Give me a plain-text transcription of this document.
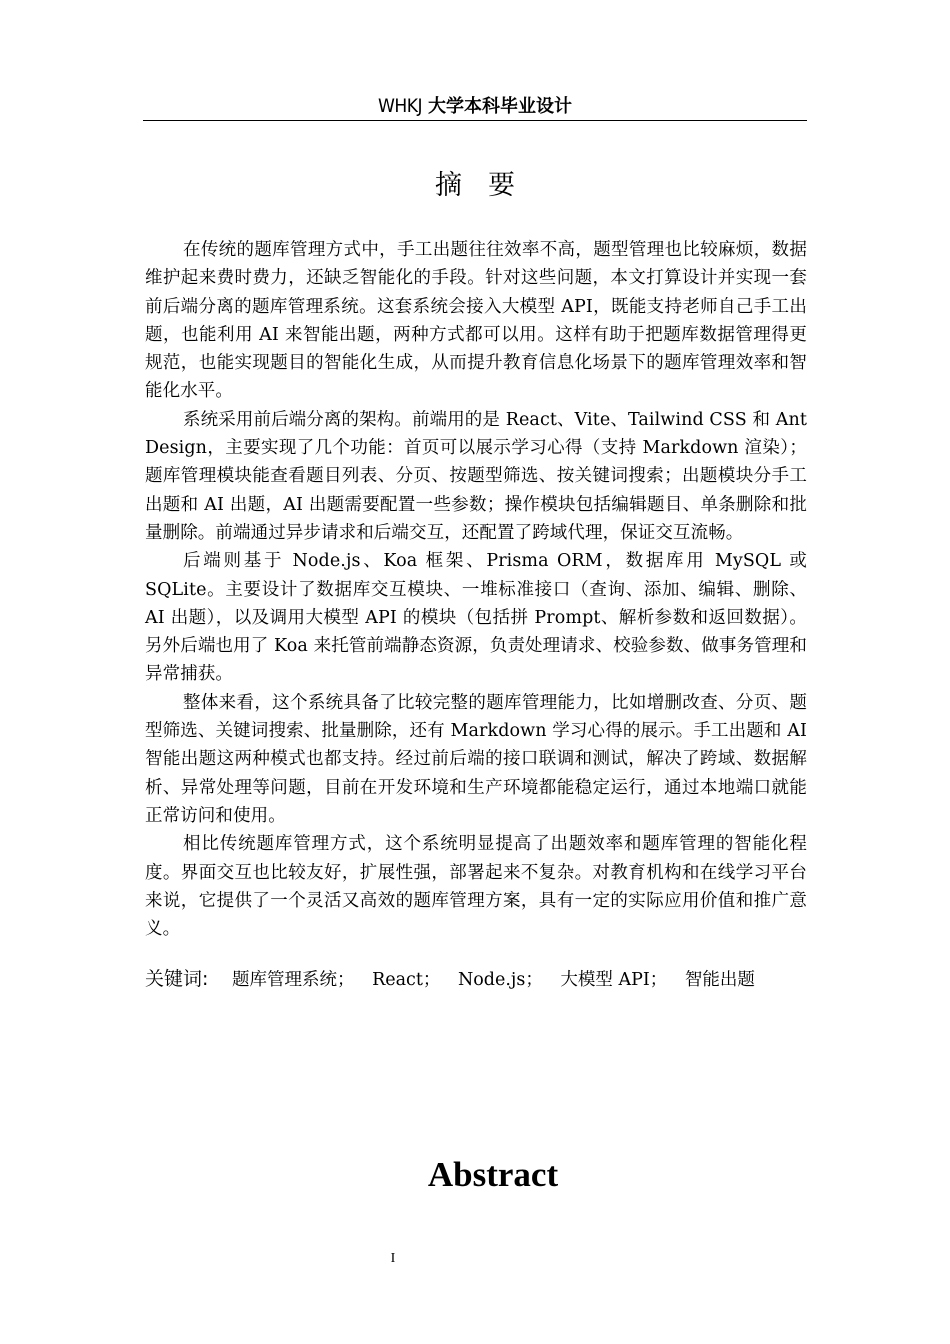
WHKJ 大学本科毕业设计
摘要

在传统的题库管理方式中，手工出题往往效率不高，题型管理也比较麻烦，数据维护起来费时费力，还缺乏智能化的手段。针对这些问题，本文打算设计并实现一套前后端分离的题库管理系统。这套系统会接入大模型 API，既能支持老师自己手工出题，也能利用 AI 来智能出题，两种方式都可以用。这样有助于把题库数据管理得更规范，也能实现题目的智能化生成，从而提升教育信息化场景下的题库管理效率和智能化水平。

系统采用前后端分离的架构。前端用的是 React、Vite、Tailwind CSS 和 Ant Design，主要实现了几个功能：首页可以展示学习心得（支持 Markdown 渲染）；题库管理模块能查看题目列表、分页、按题型筛选、按关键词搜索；出题模块分手工出题和 AI 出题，AI 出题需要配置一些参数；操作模块包括编辑题目、单条删除和批量删除。前端通过异步请求和后端交互，还配置了跨域代理，保证交互流畅。

后端则基于 Node.js、Koa 框架、Prisma ORM，数据库用 MySQL 或 SQLite。主要设计了数据库交互模块、一堆标准接口（查询、添加、编辑、删除、AI 出题），以及调用大模型 API 的模块（包括拼 Prompt、解析参数和返回数据）。另外后端也用了 Koa 来托管前端静态资源，负责处理请求、校验参数、做事务管理和异常捕获。

整体来看，这个系统具备了比较完整的题库管理能力，比如增删改查、分页、题型筛选、关键词搜索、批量删除，还有 Markdown 学习心得的展示。手工出题和 AI 智能出题这两种模式也都支持。经过前后端的接口联调和测试，解决了跨域、数据解析、异常处理等问题，目前在开发环境和生产环境都能稳定运行，通过本地端口就能正常访问和使用。

相比传统题库管理方式，这个系统明显提高了出题效率和题库管理的智能化程度。界面交互也比较友好，扩展性强，部署起来不复杂。对教育机构和在线学习平台来说，它提供了一个灵活又高效的题库管理方案，具有一定的实际应用价值和推广意义。

关键词: 题库管理系统； React； Node.js； 大模型 API； 智能出题
Abstract
I
